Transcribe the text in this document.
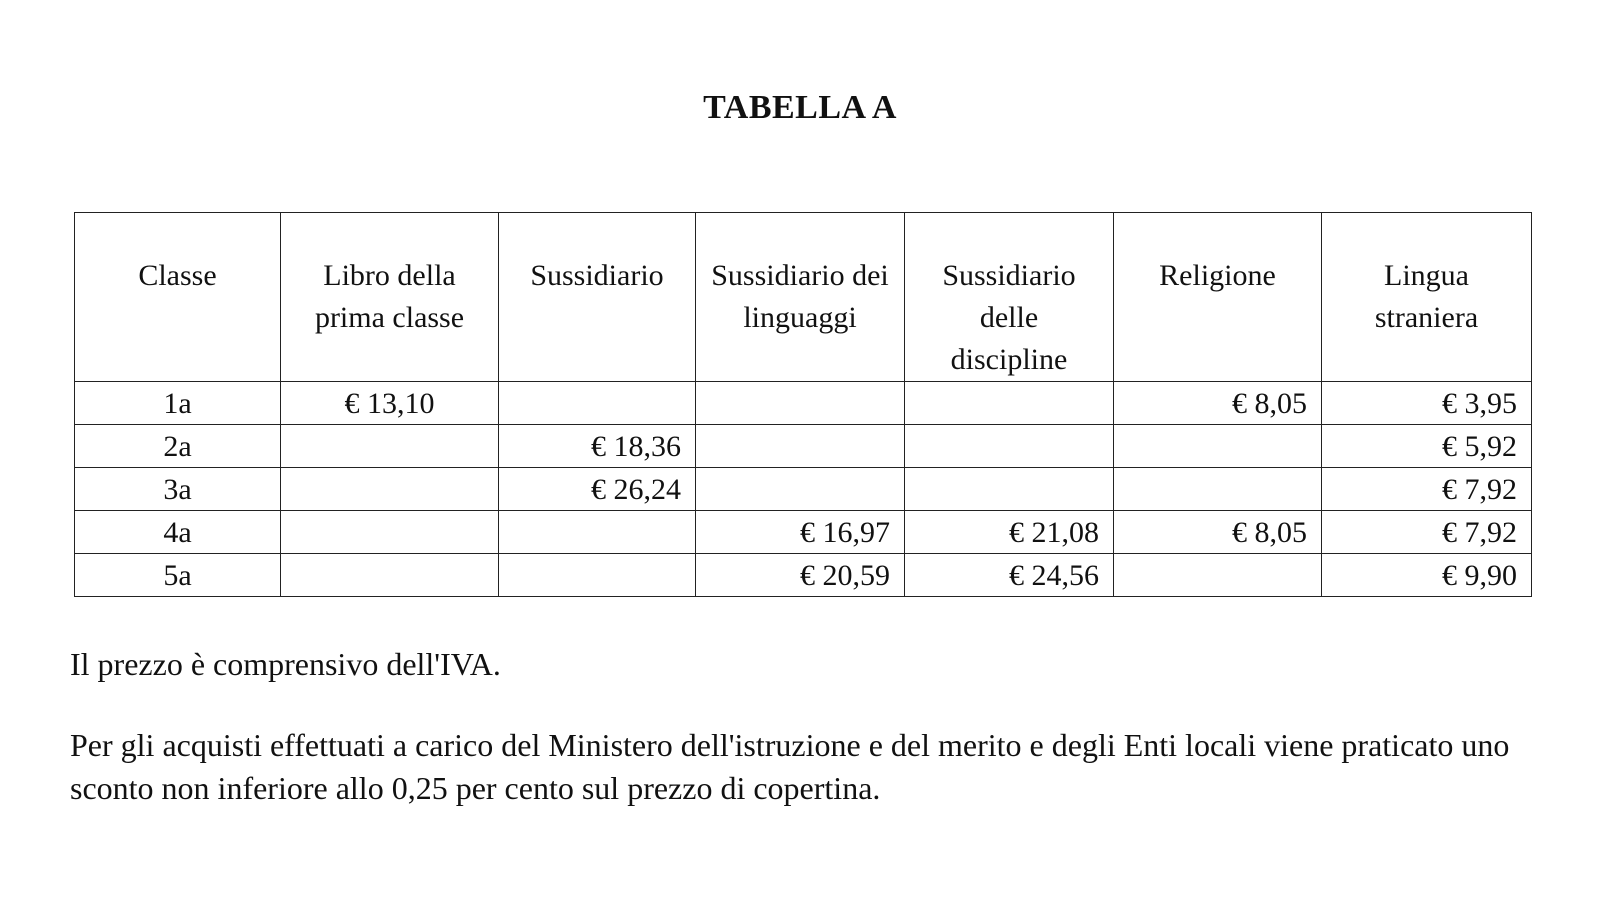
TABELLA A
Classe	Libro della prima classe	Sussidiario	Sussidiario dei linguaggi	Sussidiario delle discipline	Religione	Lingua straniera
1a	€ 13,10				€ 8,05	€ 3,95
2a		€ 18,36				€ 5,92
3a		€ 26,24				€ 7,92
4a			€ 16,97	€ 21,08	€ 8,05	€ 7,92
5a			€ 20,59	€ 24,56		€ 9,90
Il prezzo è comprensivo dell'IVA.
Per gli acquisti effettuati a carico del Ministero dell'istruzione e del merito e degli Enti locali viene praticato uno sconto non inferiore allo 0,25 per cento sul prezzo di copertina.
